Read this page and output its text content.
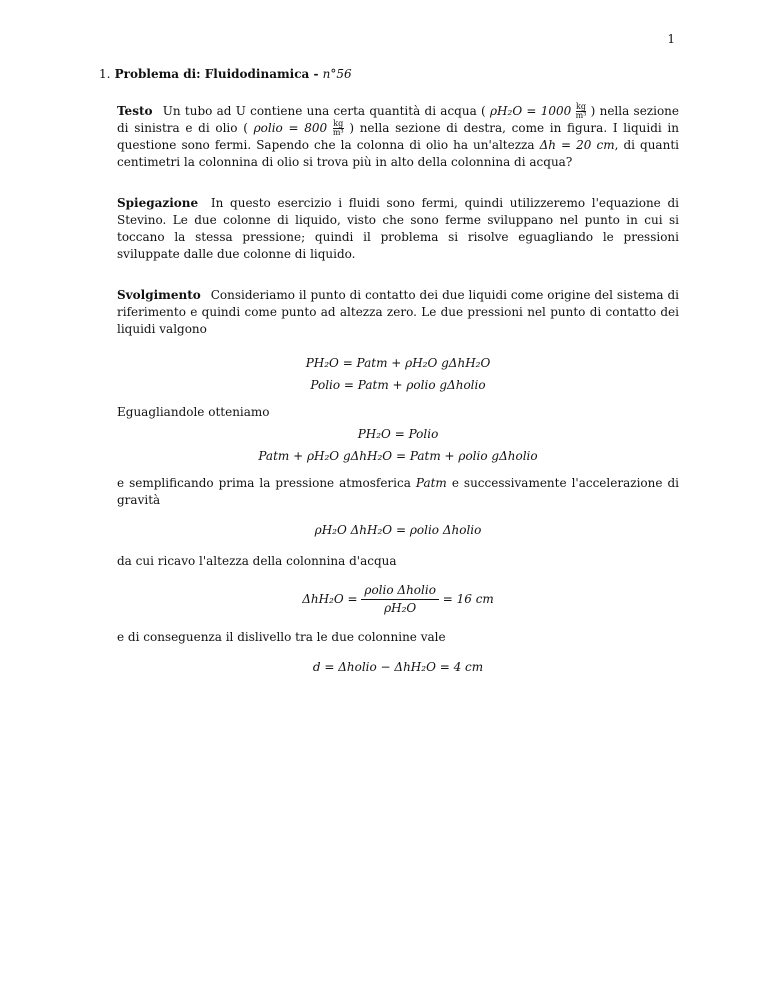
1
1. Problema di: Fluidodinamica - n°56

Testo Un tubo ad U contiene una certa quantità di acqua ( $\rho H_2O = 1000 \frac{kg}{\text{m³}}$ ) nella sezione di sinistra e di olio ( ρolio = $800 \frac{kg}{\text{m³}}$ ) nella sezione di destra, come in figura. I liquidi in questione sono fermi. Sapendo che la colonna di olio ha un'altezza Δh = 20 cm, di quanti centimetri la colonnina di olio si trova più in alto della colonnina di acqua?

Spiegazione In questo esercizio i fluidi sono fermi, quindi utilizzeremo l'equazione di Stevino. Le due colonne di liquido, visto che sono ferme sviluppano nel punto in cui si toccano la stessa pressione; quindi il problema si risolve eguagliando le pressioni sviluppate dalle due colonne di liquido.

Svolgimento Consideriamo il punto di contatto dei due liquidi come origine del sistema di riferimento e quindi come punto ad altezza zero. Le due pressioni nel punto di contatto dei liquidi valgono

PH₂O = Patm + ρH₂O gΔhH₂O
Polio = Patm + ρolio gΔholio

Eguagliandole otteniamo

PH₂O = Polio
Patm + ρH₂O gΔhH₂O = Patm + ρolio gΔholio

e semplificando prima la pressione atmosferica Patm e successivamente l'accelerazione di gravità

ρH₂O ΔhH₂O = ρolio Δholio

da cui ricavo l'altezza della colonnina d'acqua

$\Delta hH_2O = \frac{\text{ρolio Δholio}}{\text{ρH₂O}} = 16$ cm

e di conseguenza il dislivello tra le due colonnine vale

d = Δholio − ΔhH₂O = 4 cm
